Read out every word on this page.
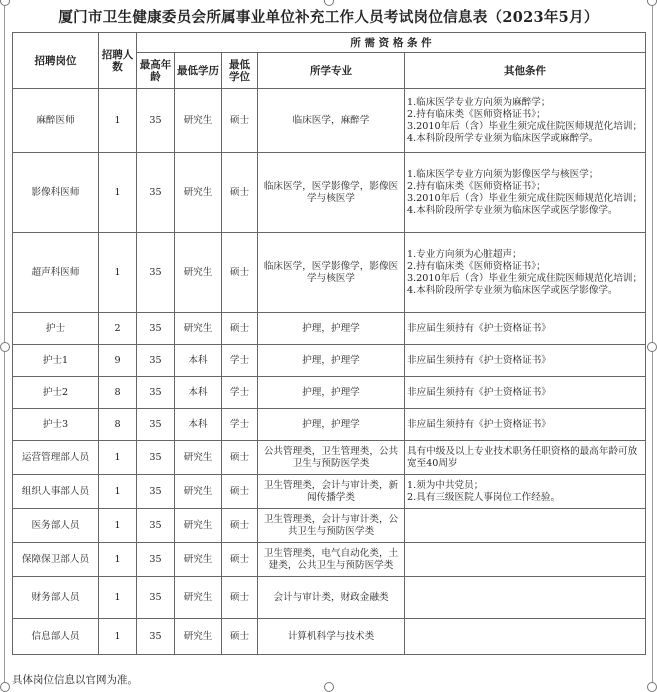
厦门市卫生健康委员会所属事业单位补充工作人员考试岗位信息表（2023年5月）
招聘岗位	招聘人数	所 需 资 格 条 件				
		最高年龄	最低学历	最低学位	所学专业	其他条件
麻醉医师	1	35	研究生	硕士	临床医学，麻醉学	1.临床医学专业方向须为麻醉学；
2.持有临床类《医师资格证书》；
3.2010年后（含）毕业生须完成住院医师规范化培训；
4.本科阶段所学专业须为临床医学或麻醉学。

影像科医师	1	35	研究生	硕士	临床医学，医学影像学，影像医学与核医学	1.临床医学专业方向须为影像医学与核医学；
2.持有临床类《医师资格证书》；
3.2010年后（含）毕业生须完成住院医师规范化培训；
4.本科阶段所学专业须为临床医学或医学影像学。

超声科医师	1	35	研究生	硕士	临床医学，医学影像学，影像医学与核医学	1.专业方向须为心脏超声；
2.持有临床类《医师资格证书》；
3.2010年后（含）毕业生须完成住院医师规范化培训；
4.本科阶段所学专业须为临床医学或医学影像学。

护士	2	35	研究生	硕士	护理，护理学	非应届生须持有《护士资格证书》

护士1	9	35	本科	学士	护理，护理学	非应届生须持有《护士资格证书》

护士2	8	35	本科	学士	护理，护理学	非应届生须持有《护士资格证书》

护士3	8	35	本科	学士	护理，护理学	非应届生须持有《护士资格证书》

运营管理部人员	1	35	研究生	硕士	公共管理类，卫生管理类，公共卫生与预防医学类	具有中级及以上专业技术职务任职资格的最高年龄可放宽至40周岁

组织人事部人员	1	35	研究生	硕士	卫生管理类，会计与审计类，新闻传播学类	1.须为中共党员；
2.具有三级医院人事岗位工作经验。

医务部人员	1	35	研究生	硕士	卫生管理类，会计与审计类，公共卫生与预防医学类	
保障保卫部人员	1	35	研究生	硕士	卫生管理类，电气自动化类，土建类，公共卫生与预防医学类	
财务部人员	1	35	研究生	硕士	会计与审计类，财政金融类	
信息部人员	1	35	研究生	硕士	计算机科学与技术类	
具体岗位信息以官网为准。
